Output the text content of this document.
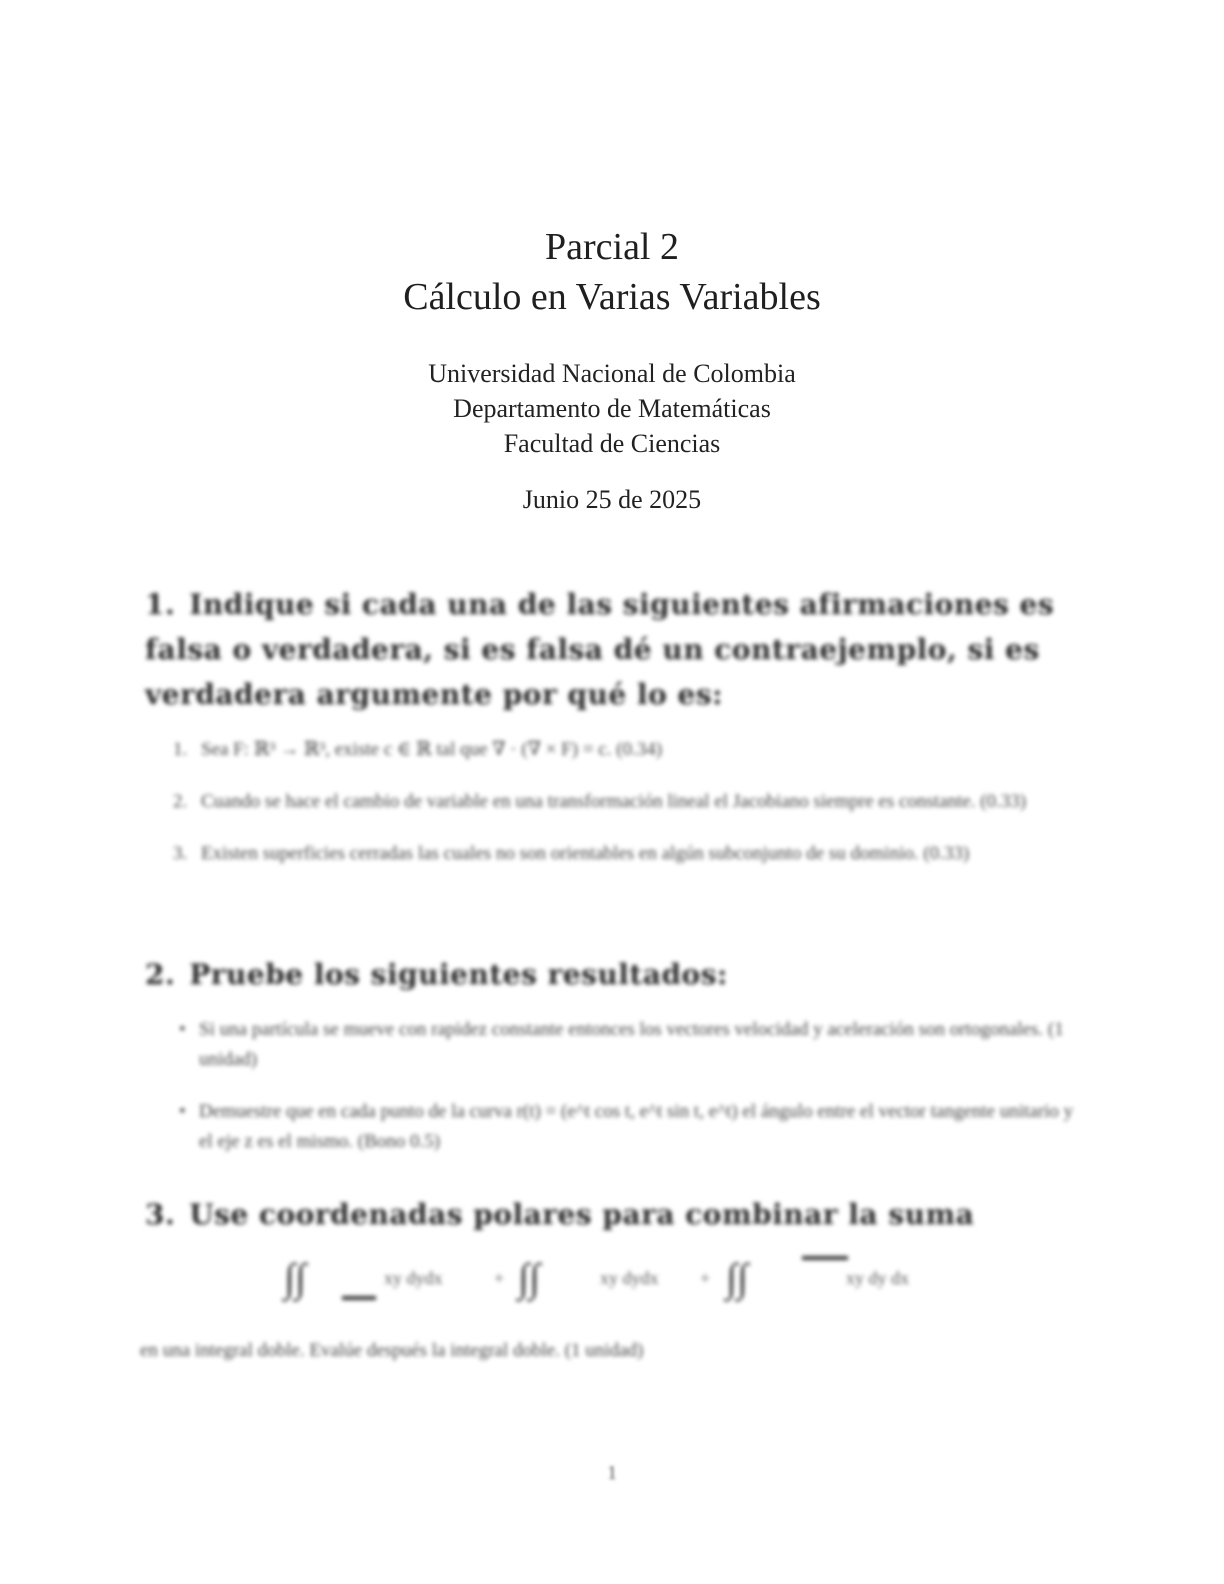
Parcial 2
Cálculo en Varias Variables
Universidad Nacional de Colombia
Departamento de Matemáticas
Facultad de Ciencias
Junio 25 de 2025
1. Indique si cada una de las siguientes afirmaciones es falsa o verdadera, si es falsa dé un contraejemplo, si es verdadera argumente por qué lo es:
1. Sea F: ℝ³ → ℝ³, existe c ∈ ℝ tal que ∇ · (∇ × F) = c. (0.34)
2. Cuando se hace el cambio de variable en una transformación lineal el Jacobiano siempre es constante. (0.33)
3. Existen superficies cerradas las cuales no son orientables en algún subconjunto de su dominio. (0.33)
2. Pruebe los siguientes resultados:
• Si una partícula se mueve con rapidez constante entonces los vectores velocidad y aceleración son ortogonales. (1 unidad)
• Demuestre que en cada punto de la curva r(t) = (e^t cos t, e^t sin t, e^t) el ángulo entre el vector tangente unitario y el eje z es el mismo. (Bono 0.5)
3. Use coordenadas polares para combinar la suma
∫∫	xy dydx	+ ∫∫	xy dydx + ∫∫	xy dy dx
en una integral doble. Evalúe después la integral doble. (1 unidad)
1
